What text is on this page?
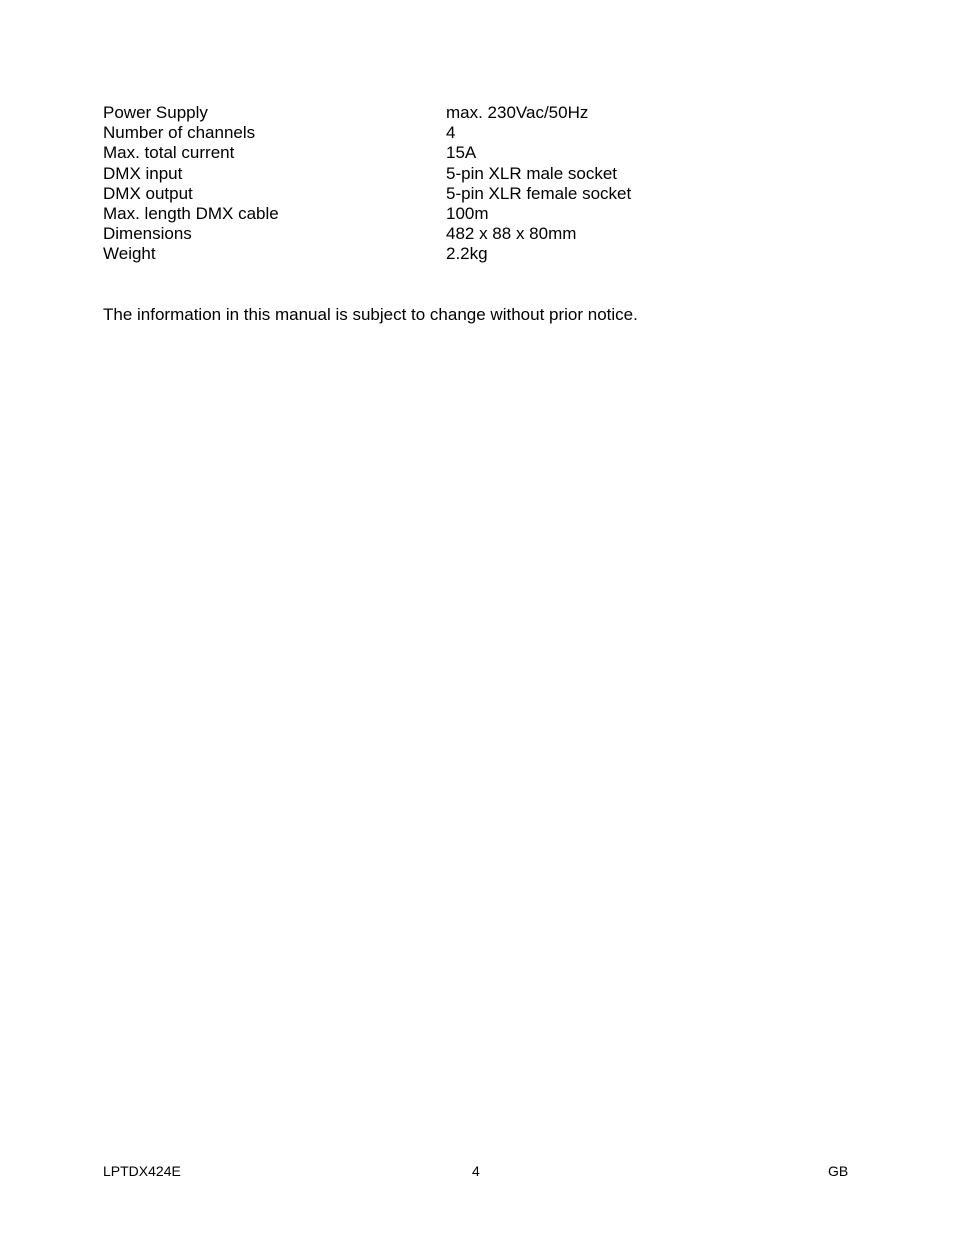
Power Supply	max. 230Vac/50Hz
Number of channels	4
Max. total current	15A
DMX input	5-pin XLR male socket
DMX output	5-pin XLR female socket
Max. length DMX cable	100m
Dimensions	482 x 88 x 80mm
Weight	2.2kg

The information in this manual is subject to change without prior notice.

LPTDX424E	4	GB
